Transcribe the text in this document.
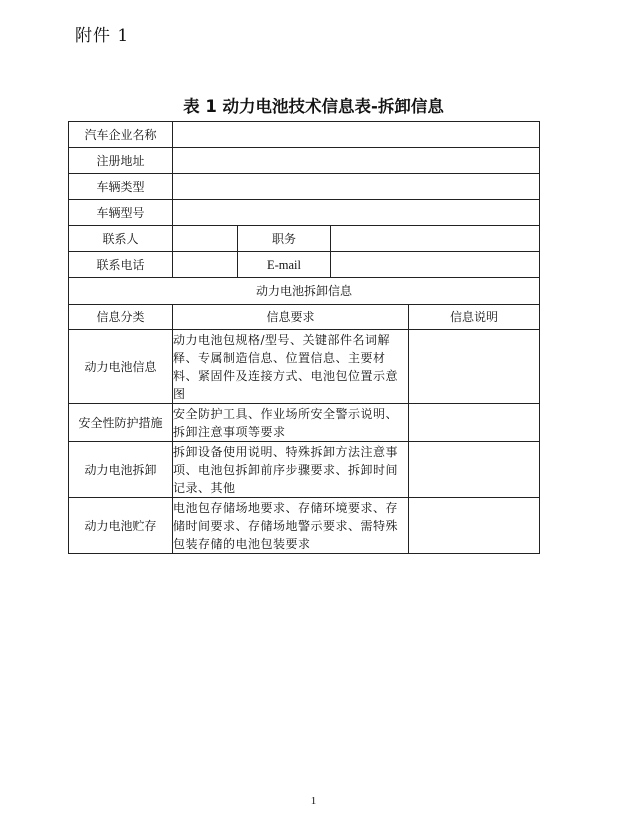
附件 1
表 1 动力电池技术信息表-拆卸信息
汽车企业名称				
注册地址				
车辆类型				
车辆型号				
联系人		职务		
联系电话		E-mail		
动力电池拆卸信息				
信息分类	信息要求			信息说明
动力电池信息	动力电池包规格/型号、关键部件名词解释、专属制造信息、位置信息、主要材料、紧固件及连接方式、电池包位置示意图			
安全性防护措施	安全防护工具、作业场所安全警示说明、拆卸注意事项等要求			
动力电池拆卸	拆卸设备使用说明、特殊拆卸方法注意事项、电池包拆卸前序步骤要求、拆卸时间记录、其他			
动力电池贮存	电池包存储场地要求、存储环境要求、存储时间要求、存储场地警示要求、需特殊包装存储的电池包装要求			
1
